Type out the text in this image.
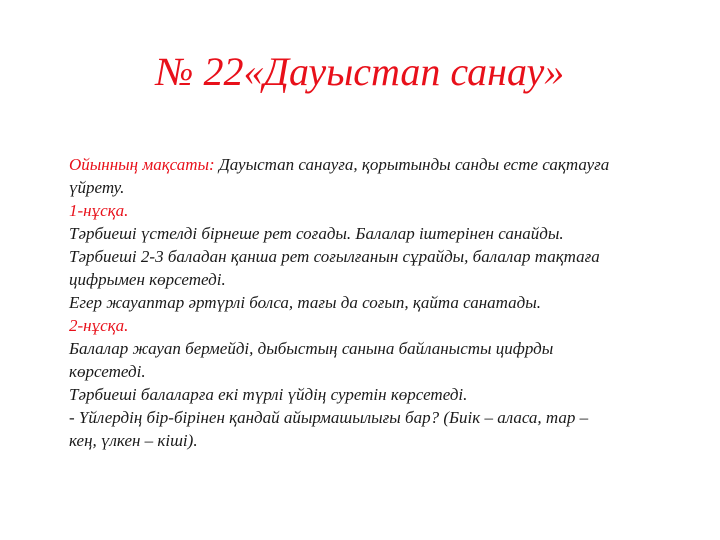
№ 22«Дауыстап санау»
Ойынның мақсаты: Дауыстап санауға, қорытынды санды есте сақтауға
үйрету.
1-нұсқа.
Тәрбиеші үстелді бірнеше рет соғады. Балалар іштерінен санайды.
Тәрбиеші 2-3 баладан қанша рет соғылғанын сұрайды, балалар тақтаға
цифрымен көрсетеді.
Егер жауаптар әртүрлі болса, тағы да соғып, қайта санатады.
2-нұсқа.
Балалар жауап бермейді, дыбыстың санына байланысты цифрды
көрсетеді.
Тәрбиеші балаларға екі түрлі үйдің суретін көрсетеді.
- Үйлердің бір-бірінен қандай айырмашылығы бар? (Биік – аласа, тар –
кең, үлкен – кіші).
